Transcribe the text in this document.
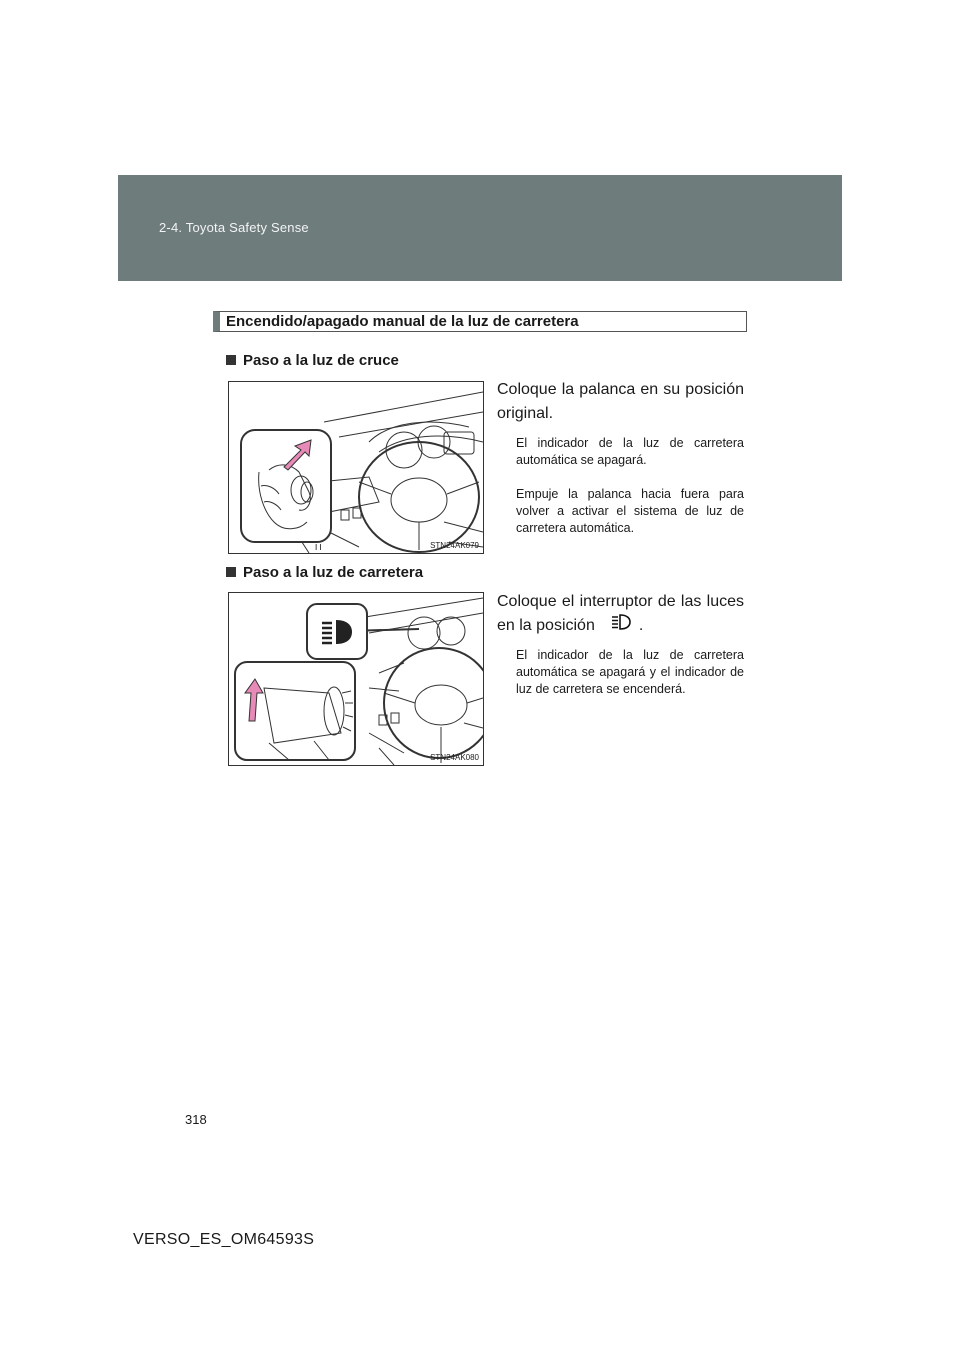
2-4. Toyota Safety Sense
Encendido/apagado manual de la luz de carretera
Paso a la luz de cruce
I I	STN24AK079
Coloque la palanca en su posición original.
El indicador de la luz de carretera automática se apagará.
Empuje la palanca hacia fuera para volver a activar el sistema de luz de carretera automática.
Paso a la luz de carretera
STN24AK080
Coloque el interruptor de las luces en la posición	.
El indicador de la luz de carretera automática se apagará y el indicador de luz de carretera se encenderá.
318
VERSO_ES_OM64593S
